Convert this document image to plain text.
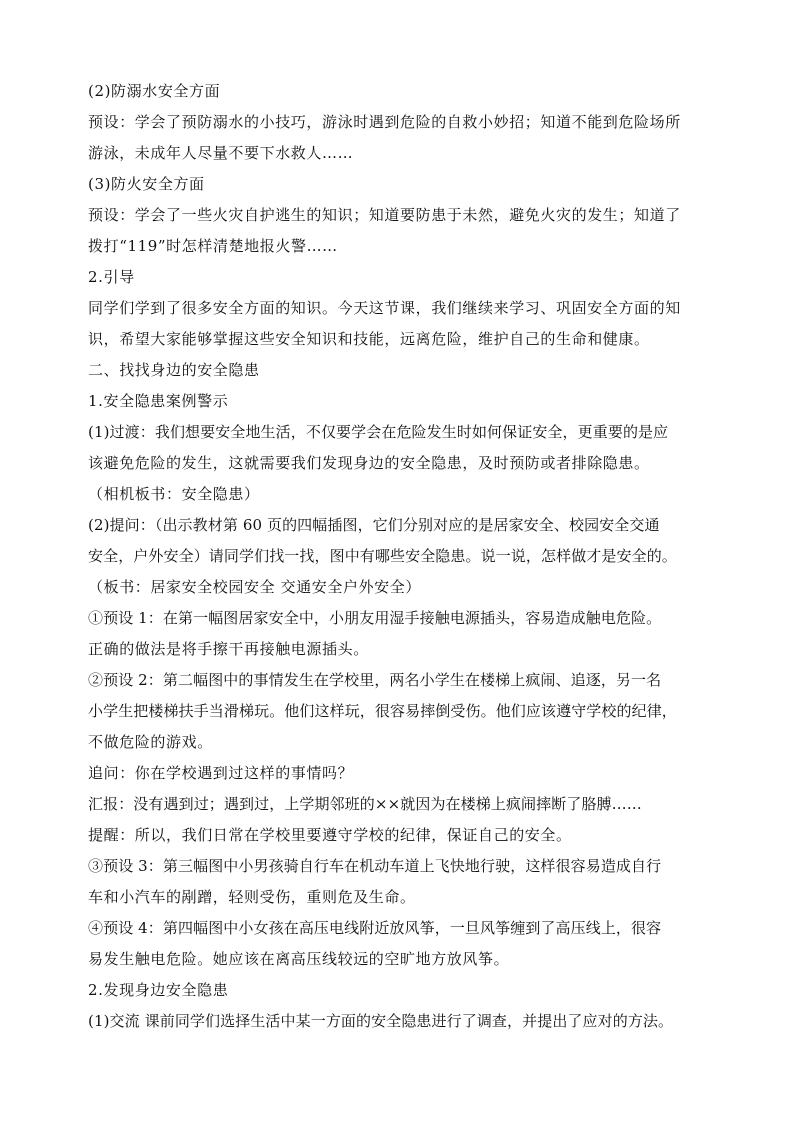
(2)防溺水安全方面
预设：学会了预防溺水的小技巧，游泳时遇到危险的自救小妙招；知道不能到危险场所
游泳，未成年人尽量不要下水救人……
(3)防火安全方面
预设：学会了一些火灾自护逃生的知识；知道要防患于未然，避免火灾的发生；知道了
拨打“119”时怎样清楚地报火警……
2.引导
同学们学到了很多安全方面的知识。今天这节课，我们继续来学习、巩固安全方面的知
识，希望大家能够掌握这些安全知识和技能，远离危险，维护自己的生命和健康。
二、找找身边的安全隐患
1.安全隐患案例警示
(1)过渡：我们想要安全地生活，不仅要学会在危险发生时如何保证安全，更重要的是应
该避免危险的发生，这就需要我们发现身边的安全隐患，及时预防或者排除隐患。
（相机板书：安全隐患）
(2)提问：（出示教材第 60 页的四幅插图，它们分别对应的是居家安全、校园安全交通
安全，户外安全）请同学们找一找，图中有哪些安全隐患。说一说，怎样做才是安全的。
（板书：居家安全校园安全 交通安全户外安全）
①预设 1：在第一幅图居家安全中，小朋友用湿手接触电源插头，容易造成触电危险。
正确的做法是将手擦干再接触电源插头。
②预设 2：第二幅图中的事情发生在学校里，两名小学生在楼梯上疯闹、追逐，另一名
小学生把楼梯扶手当滑梯玩。他们这样玩，很容易摔倒受伤。他们应该遵守学校的纪律，
不做危险的游戏。
追问：你在学校遇到过这样的事情吗？
汇报：没有遇到过；遇到过，上学期邻班的××就因为在楼梯上疯闹摔断了胳膊……
提醒：所以，我们日常在学校里要遵守学校的纪律，保证自己的安全。
③预设 3：第三幅图中小男孩骑自行车在机动车道上飞快地行驶，这样很容易造成自行
车和小汽车的剐蹭，轻则受伤，重则危及生命。
④预设 4：第四幅图中小女孩在高压电线附近放风筝，一旦风筝缠到了高压线上，很容
易发生触电危险。她应该在离高压线较远的空旷地方放风筝。
2.发现身边安全隐患
(1)交流 课前同学们选择生活中某一方面的安全隐患进行了调查，并提出了应对的方法。
